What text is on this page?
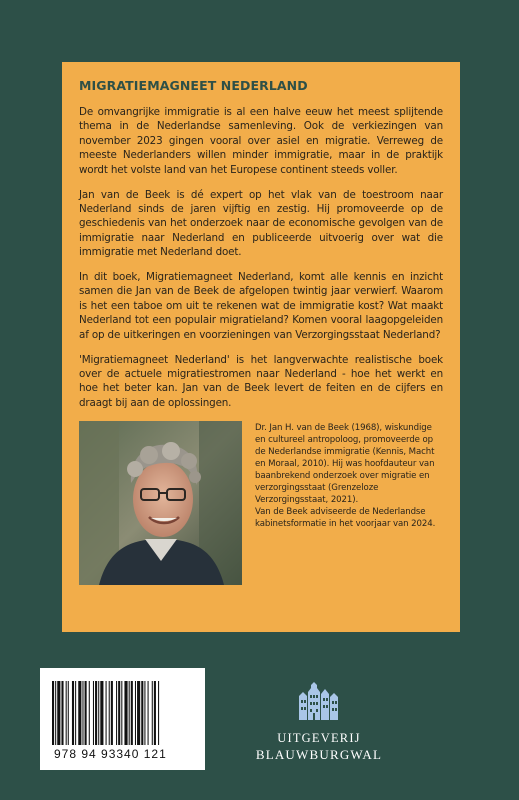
MIGRATIEMAGNEET NEDERLAND

De omvangrijke immigratie is al een halve eeuw het meest splijtende thema in de Nederlandse samenleving. Ook de verkiezingen van november 2023 gingen vooral over asiel en migratie. Verreweg de meeste Nederlanders willen minder immigratie, maar in de praktijk wordt het volste land van het Europese continent steeds voller.

Jan van de Beek is dé expert op het vlak van de toestroom naar Nederland sinds de jaren vijftig en zestig. Hij promoveerde op de geschiedenis van het onderzoek naar de economische gevolgen van de immigratie naar Nederland en publiceerde uitvoerig over wat die immigratie met Nederland doet.

In dit boek, Migratiemagneet Nederland, komt alle kennis en inzicht samen die Jan van de Beek de afgelopen twintig jaar verwierf. Waarom is het een taboe om uit te rekenen wat de immigratie kost? Wat maakt Nederland tot een populair migratieland? Komen vooral laagopgeleiden af op de uitkeringen en voorzieningen van Verzorgingsstaat Nederland?

'Migratiemagneet Nederland' is het langverwachte realistische boek over de actuele migratiestromen naar Nederland - hoe het werkt en hoe het beter kan. Jan van de Beek levert de feiten en de cijfers en draagt bij aan de oplossingen.

Dr. Jan H. van de Beek (1968), wiskundige en cultureel antropoloog, promoveerde op de Nederlandse immigratie (Kennis, Macht en Moraal, 2010). Hij was hoofdauteur van baanbrekend onderzoek over migratie en verzorgingsstaat (Grenzeloze Verzorgingsstaat, 2021).

Van de Beek adviseerde de Nederlandse kabinetsformatie in het voorjaar van 2024.

978 94 93340 121
UITGEVERIJ
BLAUWBURGWAL
